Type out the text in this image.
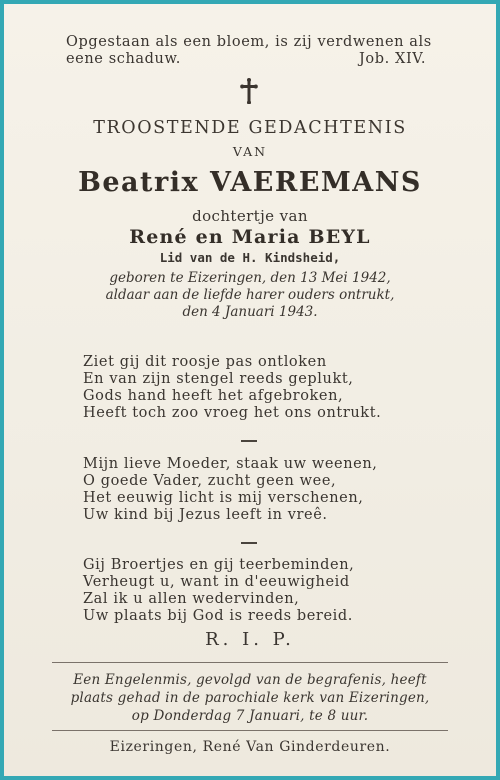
Opgestaan als een bloem, is zij verdwenen als
eene schaduw.	Job. XIV.
TROOSTENDE GEDACHTENIS
VAN
Beatrix VAEREMANS
dochtertje van
René en Maria BEYL
Lid van de H. Kindsheid,
geboren te Eizeringen, den 13 Mei 1942,
aldaar aan de liefde harer ouders ontrukt,
den 4 Januari 1943.
Ziet gij dit roosje pas ontloken
En van zijn stengel reeds geplukt,
Gods hand heeft het afgebroken,
Heeft toch zoo vroeg het ons ontrukt.
Mijn lieve Moeder, staak uw weenen,
O goede Vader, zucht geen wee,
Het eeuwig licht is mij verschenen,
Uw kind bij Jezus leeft in vreê.
Gij Broertjes en gij teerbeminden,
Verheugt u, want in d'eeuwigheid
Zal ik u allen wedervinden,
Uw plaats bij God is reeds bereid.
R. I. P.
Een Engelenmis, gevolgd van de begrafenis, heeft
plaats gehad in de parochiale kerk van Eizeringen,
op Donderdag 7 Januari, te 8 uur.
Eizeringen, René Van Ginderdeuren.
